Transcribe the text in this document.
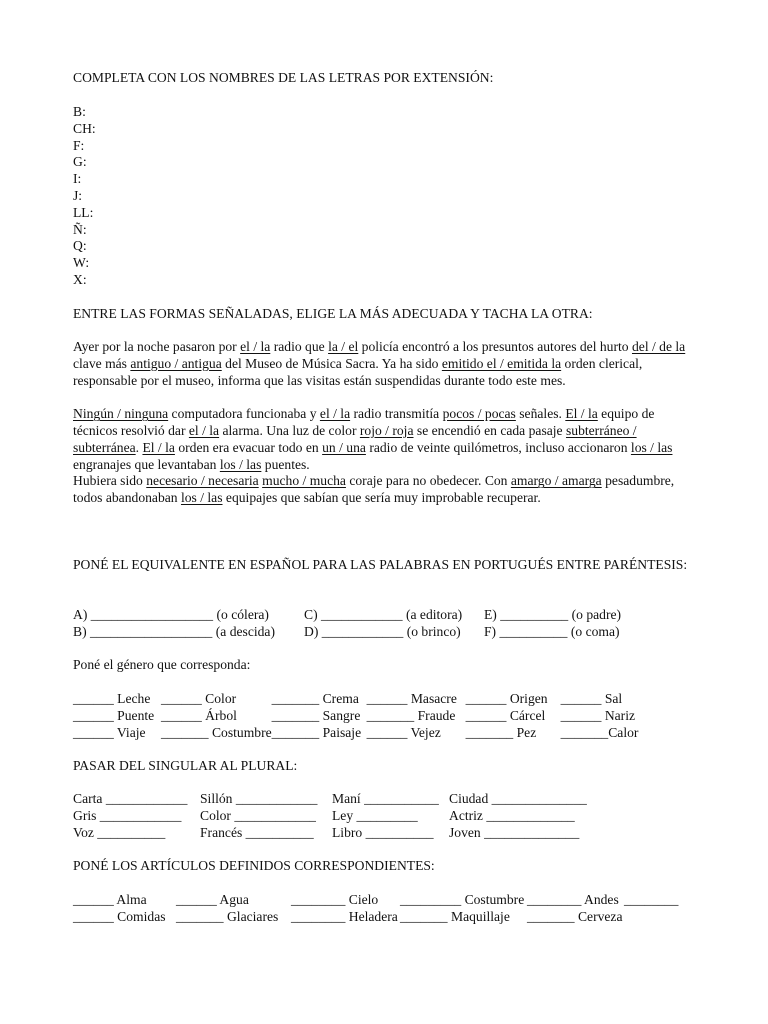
COMPLETA CON LOS NOMBRES DE LAS LETRAS POR EXTENSIÓN:
B:
CH:
F:
G:
I:
J:
LL:
Ñ:
Q:
W:
X:
ENTRE LAS FORMAS SEÑALADAS, ELIGE LA MÁS ADECUADA Y TACHA LA OTRA:

Ayer por la noche pasaron por el / la radio que la / el policía encontró a los presuntos autores del hurto del / de la clave más antiguo / antigua del Museo de Música Sacra. Ya ha sido emitido el / emitida la orden clerical, responsable por el museo, informa que las visitas están suspendidas durante todo este mes.

Ningún / ninguna computadora funcionaba y el / la radio transmitía pocos / pocas señales. El / la equipo de técnicos resolvió dar el / la alarma. Una luz de color rojo / roja se encendió en cada pasaje subterráneo / subterránea. El / la orden era evacuar todo en un / una radio de veinte quilómetros, incluso accionaron los / las engranajes que levantaban los / las puentes.

Hubiera sido necesario / necesaria mucho / mucha coraje para no obedecer. Con amargo / amarga pesadumbre, todos abandonaban los / las equipajes que sabían que sería muy improbable recuperar.

PONÉ EL EQUIVALENTE EN ESPAÑOL PARA LAS PALABRAS EN PORTUGUÉS ENTRE PARÉNTESIS:
A) __________________ (o cólera)	C) ____________ (a editora)	E) __________ (o padre)
B) __________________ (a descida)	D) ____________ (o brinco)	F) __________ (o coma)
Poné el género que corresponda:
______ Leche	______ Color	_______ Crema	______ Masacre	______ Origen	______ Sal
______ Puente	______ Árbol	_______ Sangre	_______ Fraude	______ Cárcel	______ Nariz
______ Viaje	_______ Costumbre	_______ Paisaje	______ Vejez	_______ Pez	_______Calor
PASAR DEL SINGULAR AL PLURAL:
Carta ____________	Sillón ____________	Maní ___________	Ciudad ______________
Gris ____________	Color ____________	Ley _________	Actriz _____________
Voz __________	Francés __________	Libro __________	Joven ______________
PONÉ LOS ARTÍCULOS DEFINIDOS CORRESPONDIENTES:
______ Alma	______ Agua	________ Cielo	_________ Costumbre	________ Andes	________
______ Comidas	_______ Glaciares	________ Heladera	_______ Maquillaje	_______ Cerveza	
